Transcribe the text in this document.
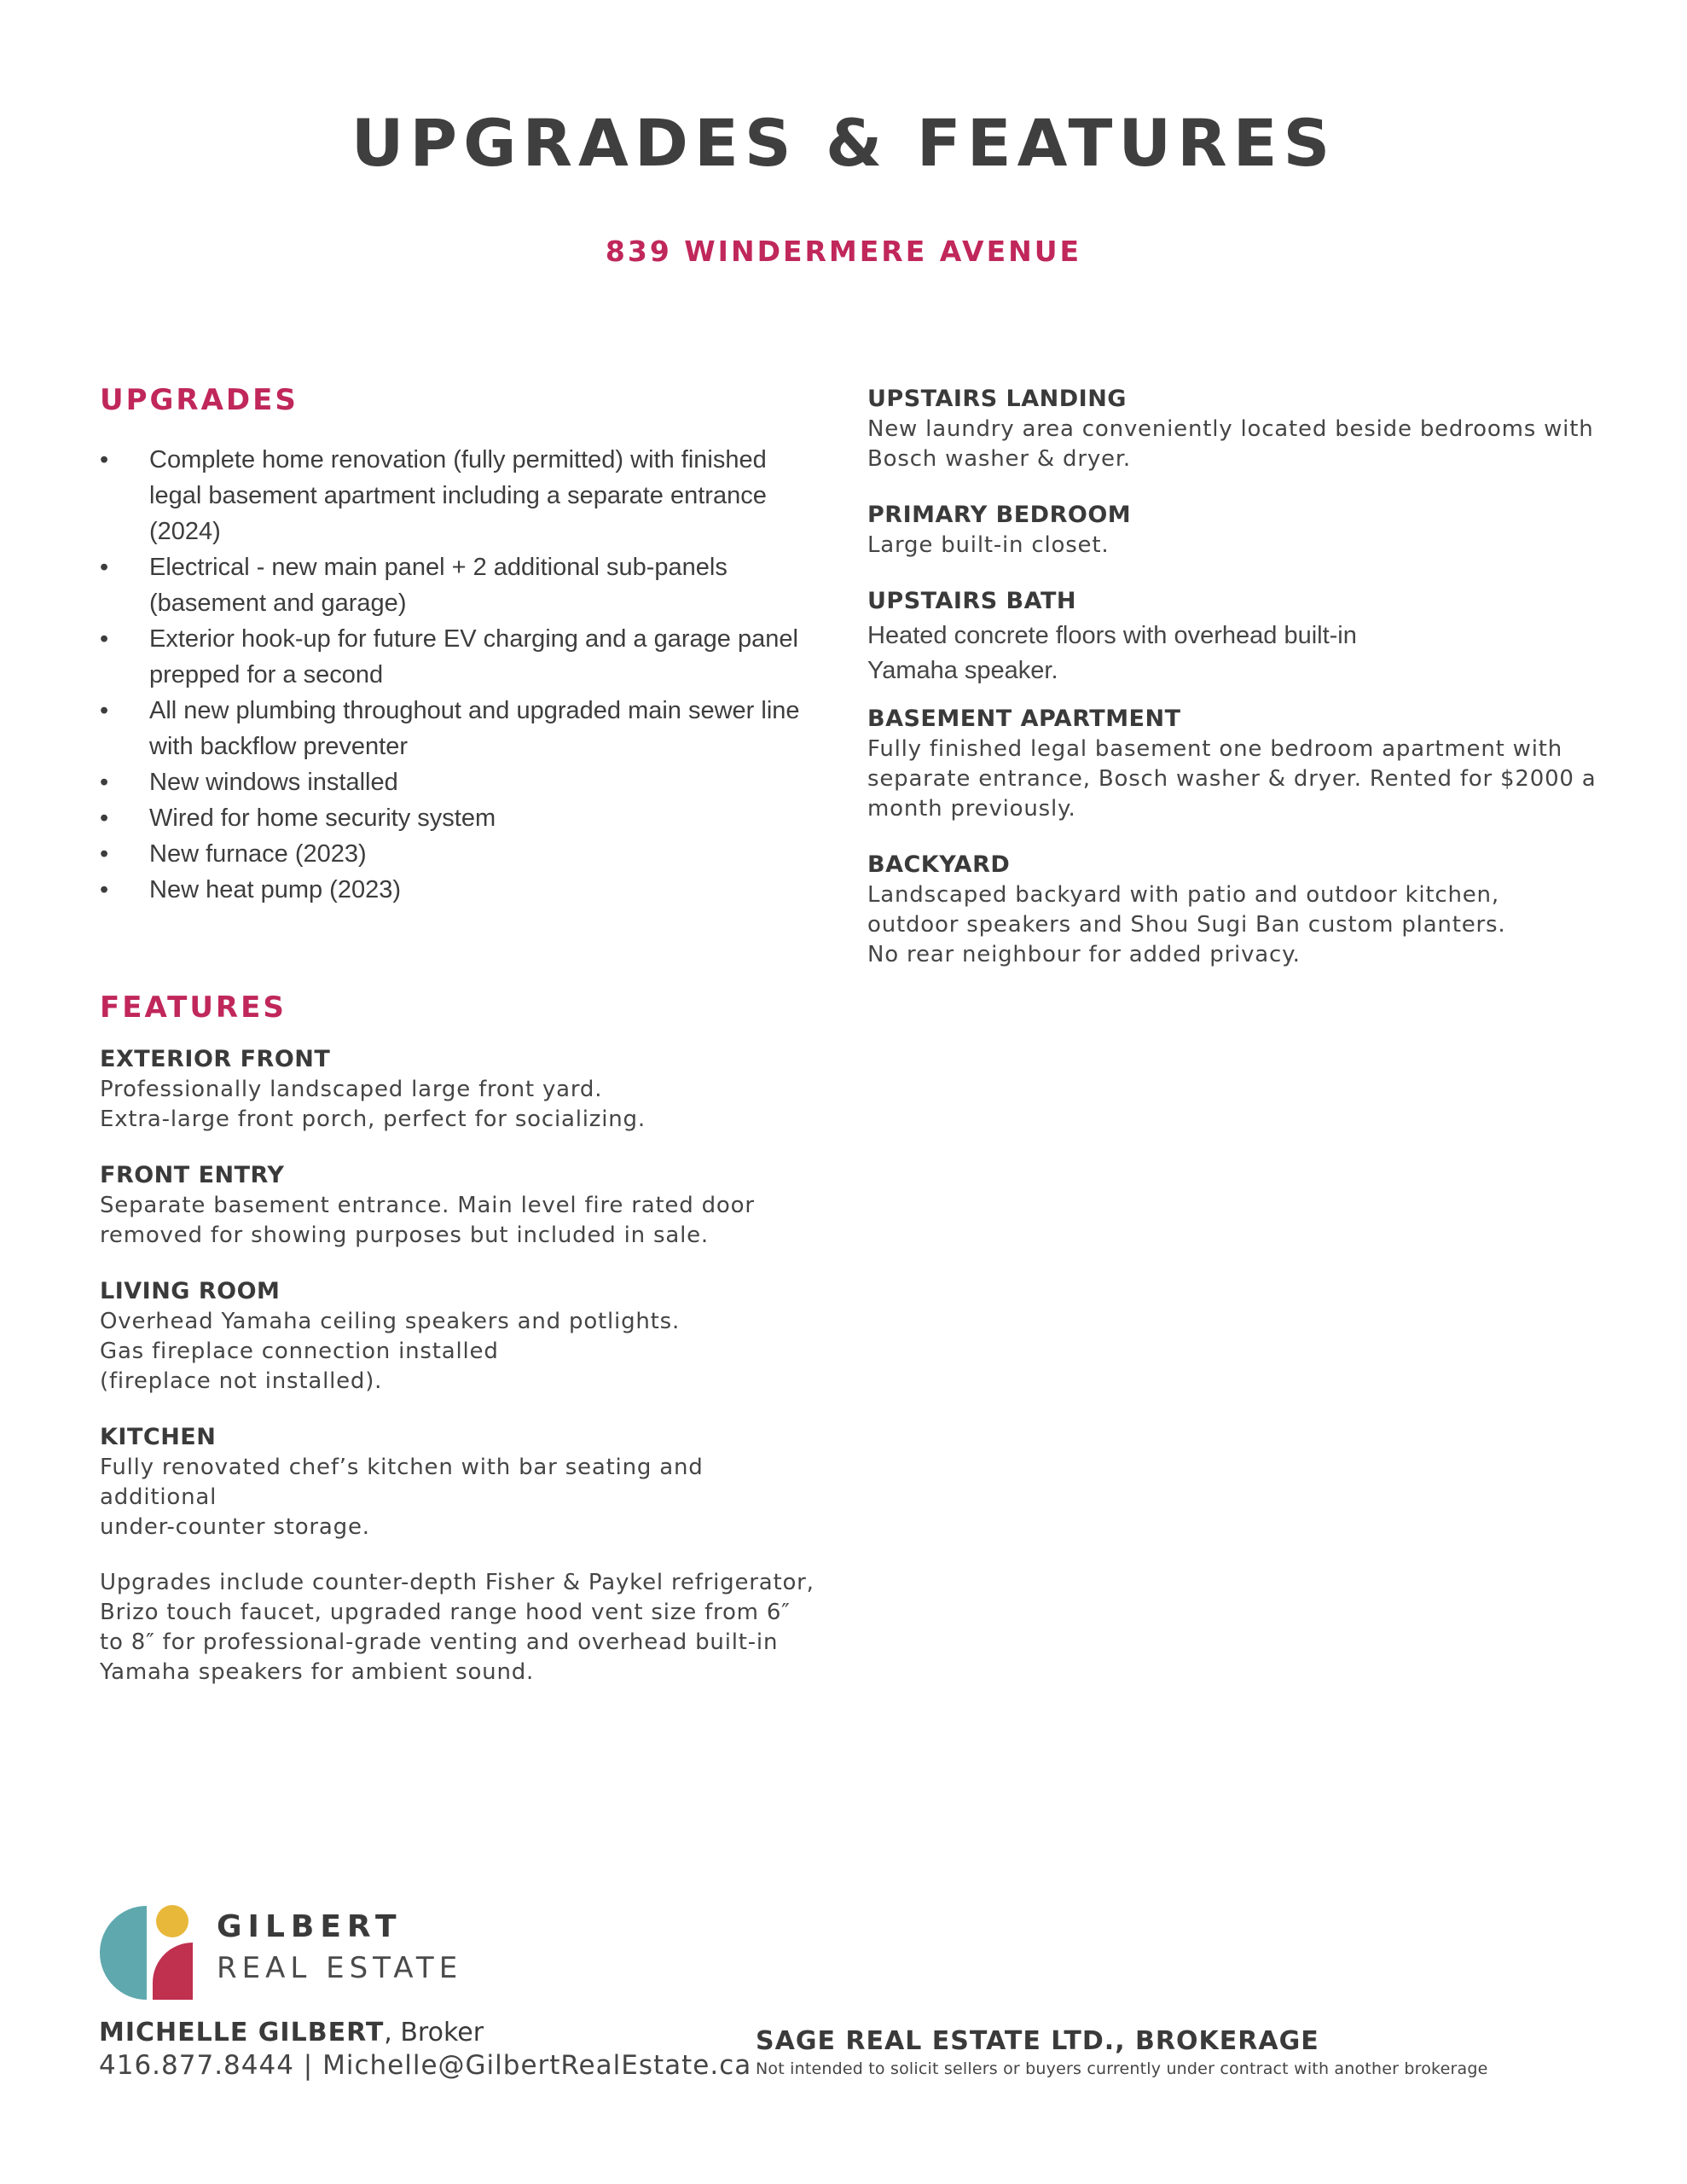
UPGRADES & FEATURES
839 WINDERMERE AVENUE
UPGRADES
•	Complete home renovation (fully permitted) with finished legal basement apartment including a separate entrance (2024)
•	Electrical - new main panel + 2 additional sub-panels (basement and garage)
•	Exterior hook-up for future EV charging and a garage panel prepped for a second
•	All new plumbing throughout and upgraded main sewer line with backflow preventer
•	New windows installed
•	Wired for home security system
•	New furnace (2023)
•	New heat pump (2023)
FEATURES

EXTERIOR FRONT

Professionally landscaped large front yard.
Extra-large front porch, perfect for socializing.

FRONT ENTRY

Separate basement entrance. Main level fire rated door
removed for showing purposes but included in sale.

LIVING ROOM

Overhead Yamaha ceiling speakers and potlights.
Gas fireplace connection installed
(fireplace not installed).

KITCHEN

Fully renovated chef’s kitchen with bar seating and additional
under-counter storage.

Upgrades include counter-depth Fisher & Paykel refrigerator,
Brizo touch faucet, upgraded range hood vent size from 6″
to 8″ for professional-grade venting and overhead built-in
Yamaha speakers for ambient sound.

UPSTAIRS LANDING

New laundry area conveniently located beside bedrooms with
Bosch washer & dryer.

PRIMARY BEDROOM

Large built-in closet.

UPSTAIRS BATH

Heated concrete floors with overhead built-in
Yamaha speaker.

BASEMENT APARTMENT

Fully finished legal basement one bedroom apartment with
separate entrance, Bosch washer & dryer. Rented for $2000 a
month previously.

BACKYARD

Landscaped backyard with patio and outdoor kitchen,
outdoor speakers and Shou Sugi Ban custom planters.
No rear neighbour for added privacy.

GILBERT
REAL ESTATE
MICHELLE GILBERT, Broker
416.877.8444 | Michelle@GilbertRealEstate.ca
SAGE REAL ESTATE LTD., BROKERAGE
Not intended to solicit sellers or buyers currently under contract with another brokerage
